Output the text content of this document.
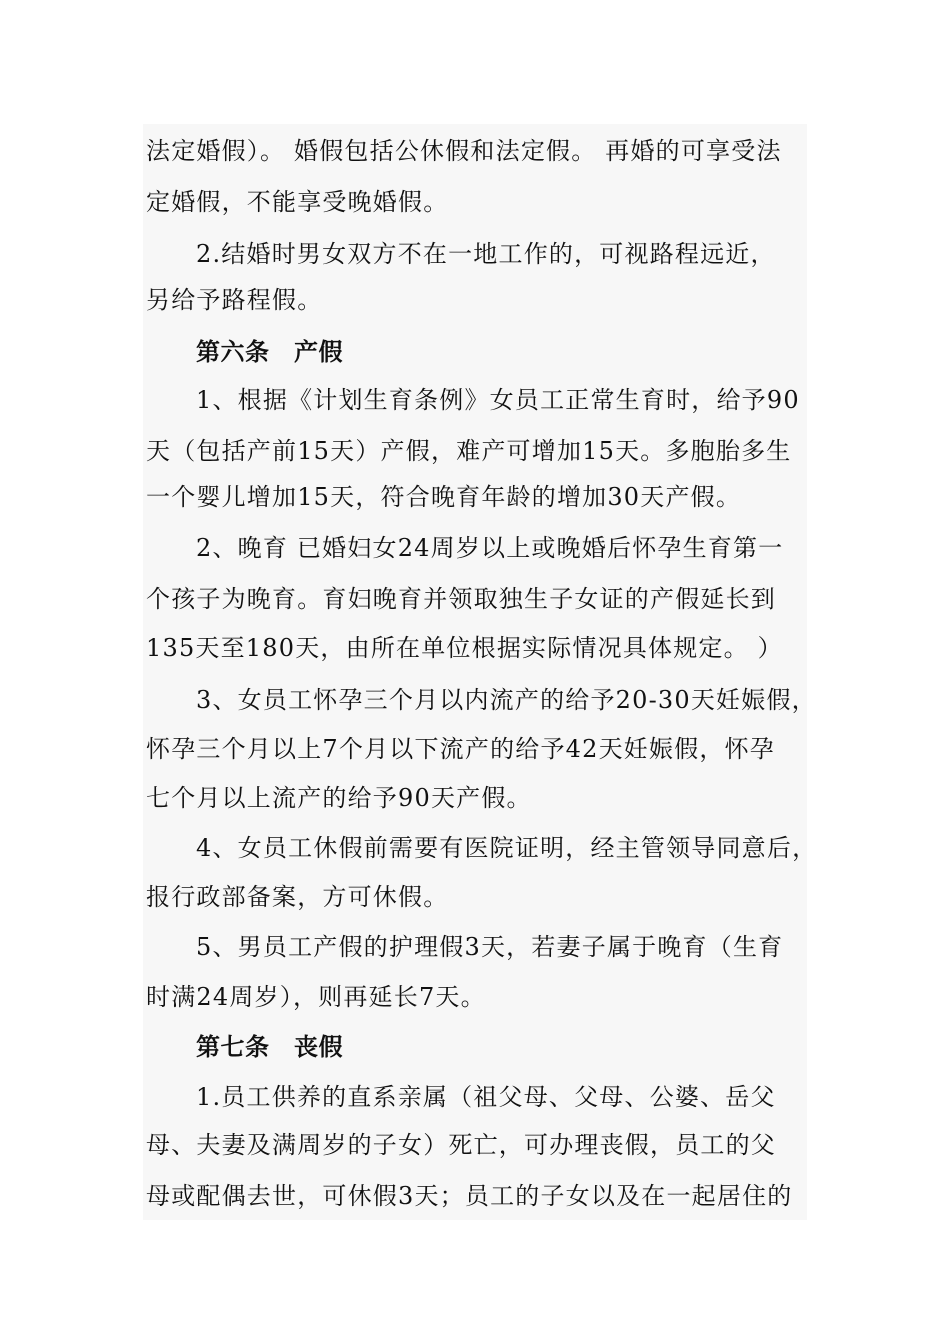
法定婚假）。 婚假包括公休假和法定假。 再婚的可享受法
定婚假，不能享受晚婚假。
2.结婚时男女双方不在一地工作的，可视路程远近，
另给予路程假。
第六条　产假
1、根据《计划生育条例》女员工正常生育时，给予90
天（包括产前15天）产假，难产可增加15天。多胞胎多生
一个婴儿增加15天，符合晚育年龄的增加30天产假。
2、晚育 已婚妇女24周岁以上或晚婚后怀孕生育第一
个孩子为晚育。育妇晚育并领取独生子女证的产假延长到
135天至180天，由所在单位根据实际情况具体规定。 ）
3、女员工怀孕三个月以内流产的给予20-30天妊娠假，
怀孕三个月以上7个月以下流产的给予42天妊娠假，怀孕
七个月以上流产的给予90天产假。
4、女员工休假前需要有医院证明，经主管领导同意后，
报行政部备案，方可休假。
5、男员工产假的护理假3天，若妻子属于晚育（生育
时满24周岁），则再延长7天。
第七条　丧假
1.员工供养的直系亲属（祖父母、父母、公婆、岳父
母、夫妻及满周岁的子女）死亡，可办理丧假，员工的父
母或配偶去世，可休假3天；员工的子女以及在一起居住的
